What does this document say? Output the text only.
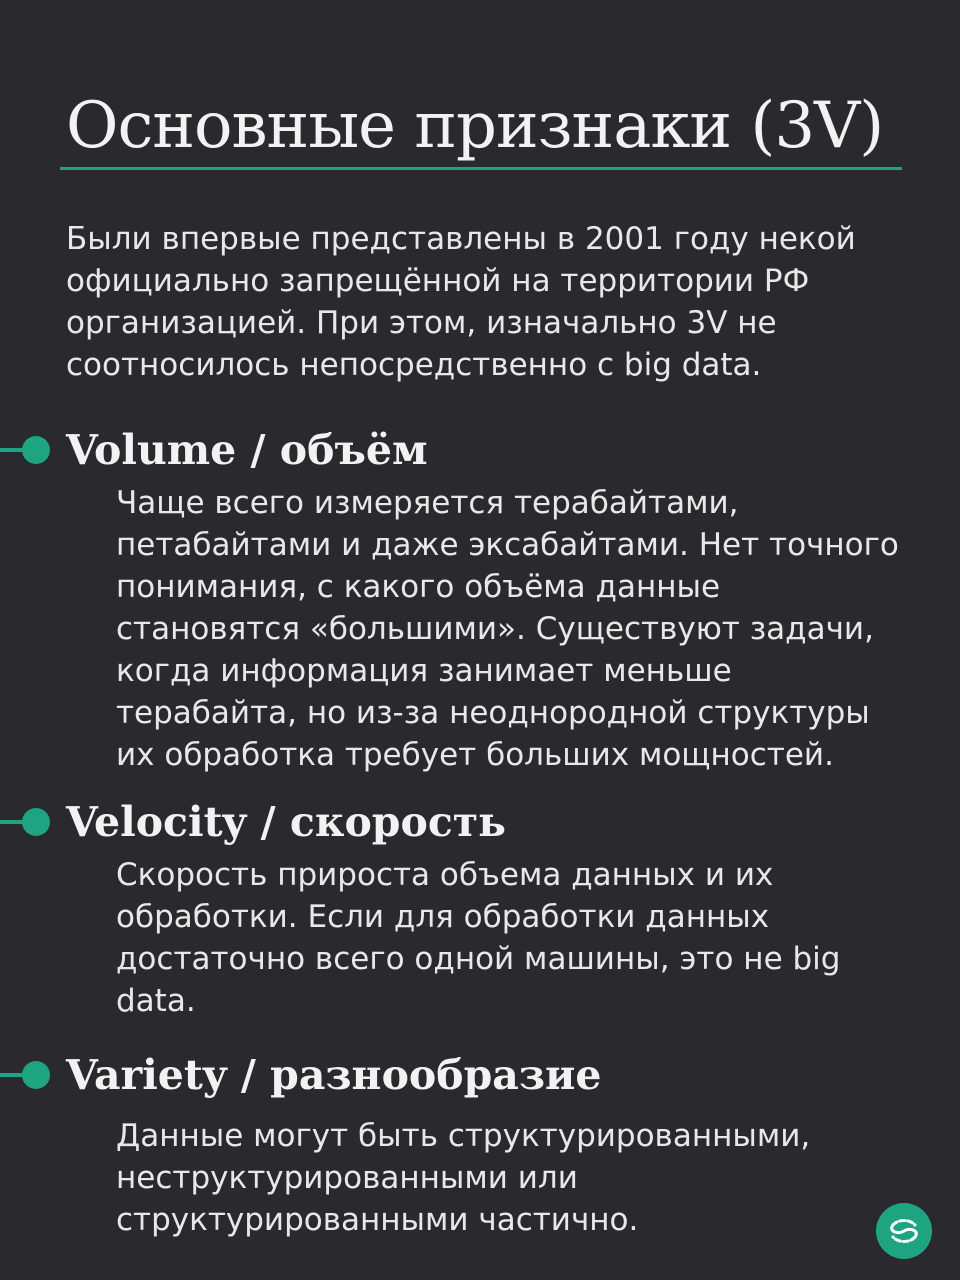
Основные признаки (3V)

Были впервые представлены в 2001 году некой официально запрещённой на территории РФ организацией. При этом, изначально 3V не соотносилось непосредственно с big data.

Volume / объём

Чаще всего измеряется терабайтами, петабайтами и даже эксабайтами. Нет точного понимания, с какого объёма данные становятся «большими». Существуют задачи, когда информация занимает меньше терабайта, но из-за неоднородной структуры их обработка требует больших мощностей.

Velocity / скорость

Скорость прироста объема данных и их обработки. Если для обработки данных достаточно всего одной машины, это не big data.

Variety / разнообразие

Данные могут быть структурированными, неструктурированными или структурированными частично.
